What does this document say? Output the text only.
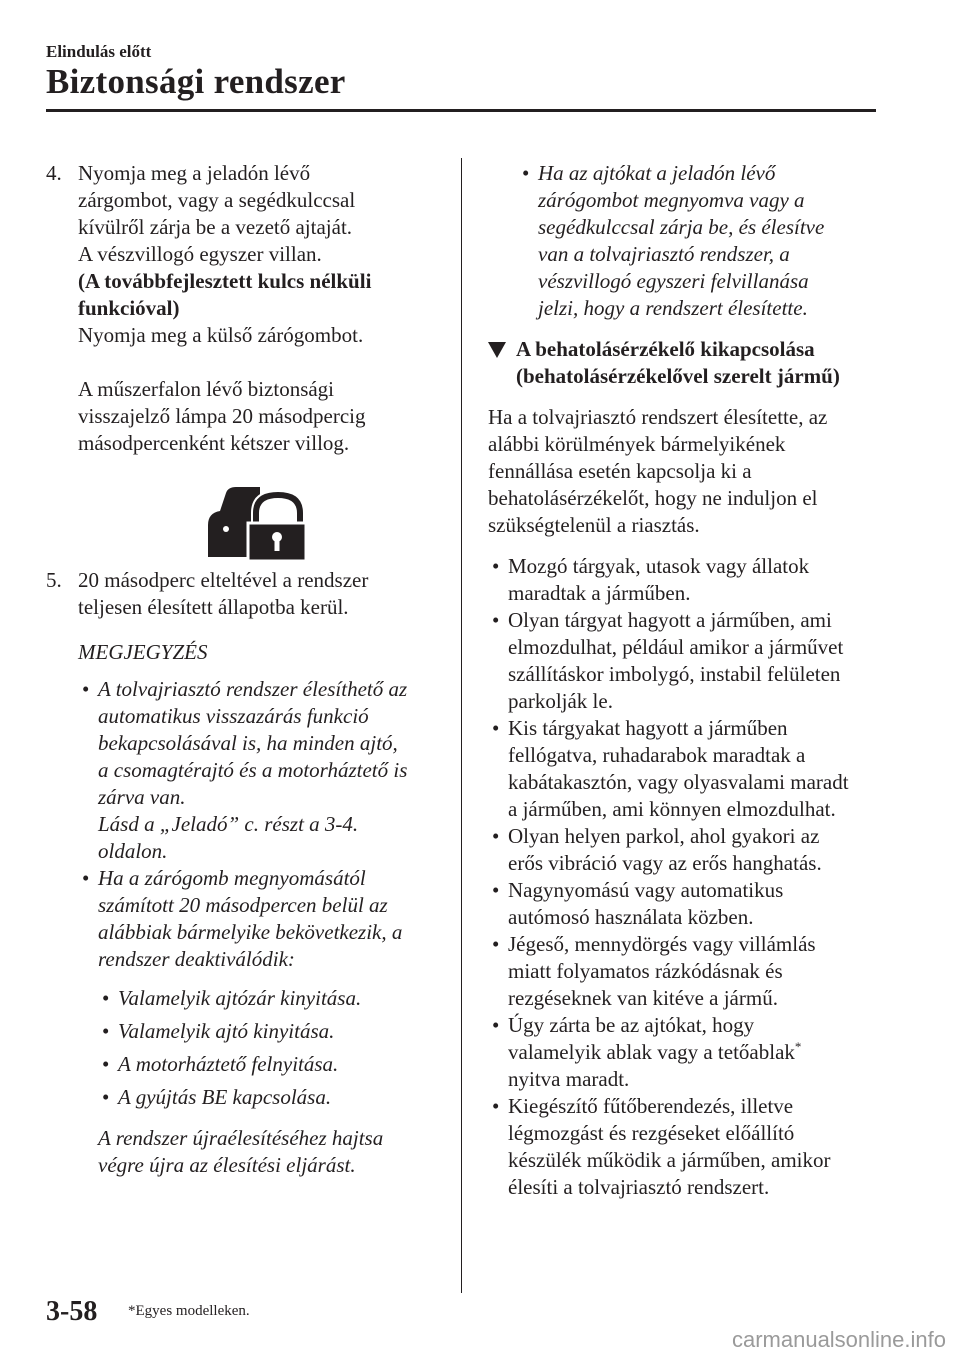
Elindulás előtt
Biztonsági rendszer
4. Nyomja meg a jeladón lévő
zárgombot, vagy a segédkulccsal
kívülről zárja be a vezető ajtaját.
A vészvillogó egyszer villan.
(A továbbfejlesztett kulcs nélküli
funkcióval)
Nyomja meg a külső zárógombot.
A műszerfalon lévő biztonsági
visszajelző lámpa 20 másodpercig
másodpercenként kétszer villog.
5. 20 másodperc elteltével a rendszer
teljesen élesített állapotba kerül.
MEGJEGYZÉS
• A tolvajriasztó rendszer élesíthető az
automatikus visszazárás funkció
bekapcsolásával is, ha minden ajtó,
a csomagtérajtó és a motorháztető is
zárva van.
Lásd a „Jeladó” c. részt a 3-4.
oldalon.
• Ha a zárógomb megnyomásától
számított 20 másodpercen belül az
alábbiak bármelyike bekövetkezik, a
rendszer deaktiválódik:
• Valamelyik ajtózár kinyitása.
• Valamelyik ajtó kinyitása.
• A motorháztető felnyitása.
• A gyújtás BE kapcsolása.
A rendszer újraélesítéséhez hajtsa
végre újra az élesítési eljárást.
• Ha az ajtókat a jeladón lévő
zárógombot megnyomva vagy a
segédkulccsal zárja be, és élesítve
van a tolvajriasztó rendszer, a
vészvillogó egyszeri felvillanása
jelzi, hogy a rendszert élesítette.
A behatolásérzékelő kikapcsolása
(behatolásérzékelővel szerelt jármű)
Ha a tolvajriasztó rendszert élesítette, az
alábbi körülmények bármelyikének
fennállása esetén kapcsolja ki a
behatolásérzékelőt, hogy ne induljon el
szükségtelenül a riasztás.
• Mozgó tárgyak, utasok vagy állatok
maradtak a járműben.
• Olyan tárgyat hagyott a járműben, ami
elmozdulhat, például amikor a járművet
szállításkor imbolygó, instabil felületen
parkolják le.
• Kis tárgyakat hagyott a járműben
fellógatva, ruhadarabok maradtak a
kabátakasztón, vagy olyasvalami maradt
a járműben, ami könnyen elmozdulhat.
• Olyan helyen parkol, ahol gyakori az
erős vibráció vagy az erős hanghatás.
• Nagynyomású vagy automatikus
autómosó használata közben.
• Jégeső, mennydörgés vagy villámlás
miatt folyamatos rázkódásnak és
rezgéseknek van kitéve a jármű.
• Úgy zárta be az ajtókat, hogy
valamelyik ablak vagy a tetőablak*
nyitva maradt.
• Kiegészítő fűtőberendezés, illetve
légmozgást és rezgéseket előállító
készülék működik a járműben, amikor
élesíti a tolvajriasztó rendszert.
3-58 *Egyes modelleken.
carmanualsonline.info
